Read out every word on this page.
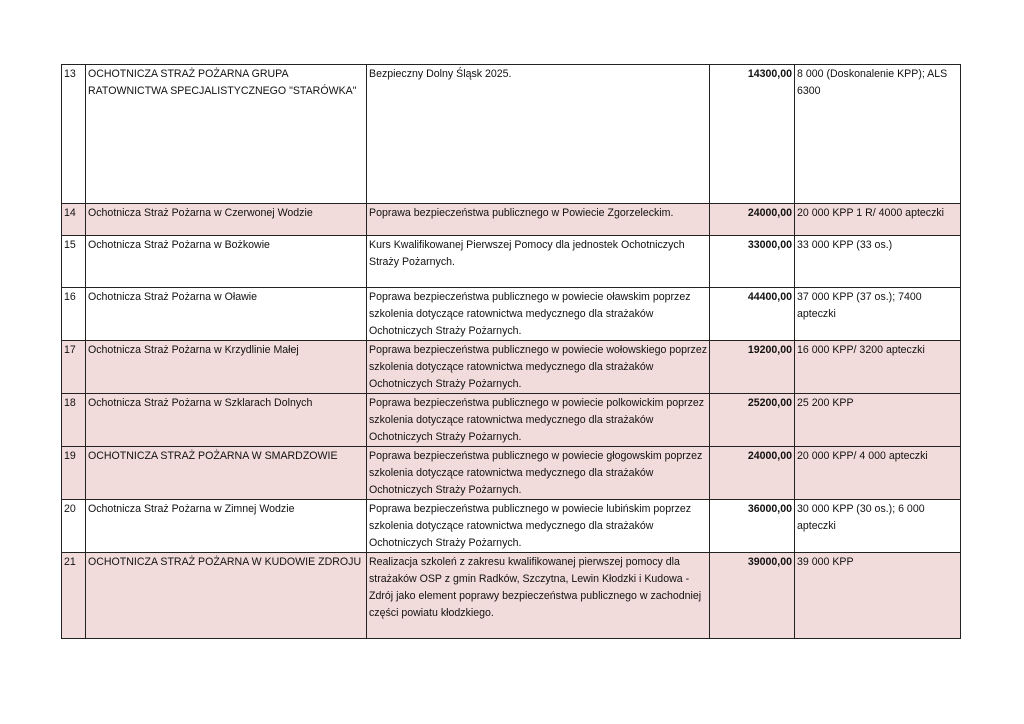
13	OCHOTNICZA STRAŻ POŻARNA GRUPA RATOWNICTWA SPECJALISTYCZNEGO "STARÓWKA"	Bezpieczny Dolny Śląsk 2025.	14300,00	8 000 (Doskonalenie KPP); ALS 6300
14	Ochotnicza Straż Pożarna w Czerwonej Wodzie	Poprawa bezpieczeństwa publicznego w Powiecie Zgorzeleckim.	24000,00	20 000 KPP 1 R/ 4000 apteczki
15	Ochotnicza Straż Pożarna w Bożkowie	Kurs Kwalifikowanej Pierwszej Pomocy dla jednostek Ochotniczych Straży Pożarnych.	33000,00	33 000 KPP (33 os.)
16	Ochotnicza Straż Pożarna w Oławie	Poprawa bezpieczeństwa publicznego w powiecie oławskim poprzez szkolenia dotyczące ratownictwa medycznego dla strażaków Ochotniczych Straży Pożarnych.	44400,00	37 000 KPP (37 os.); 7400 apteczki
17	Ochotnicza Straż Pożarna w Krzydlinie Małej	Poprawa bezpieczeństwa publicznego w powiecie wołowskiego poprzez szkolenia dotyczące ratownictwa medycznego dla strażaków Ochotniczych Straży Pożarnych.	19200,00	16 000 KPP/ 3200 apteczki
18	Ochotnicza Straż Pożarna w Szklarach Dolnych	Poprawa bezpieczeństwa publicznego w powiecie polkowickim poprzez szkolenia dotyczące ratownictwa medycznego dla strażaków Ochotniczych Straży Pożarnych.	25200,00	25 200 KPP
19	OCHOTNICZA STRAŻ POŻARNA W SMARDZOWIE	Poprawa bezpieczeństwa publicznego w powiecie głogowskim poprzez szkolenia dotyczące ratownictwa medycznego dla strażaków Ochotniczych Straży Pożarnych.	24000,00	20 000 KPP/ 4 000 apteczki
20	Ochotnicza Straż Pożarna w Zimnej Wodzie	Poprawa bezpieczeństwa publicznego w powiecie lubińskim poprzez szkolenia dotyczące ratownictwa medycznego dla strażaków Ochotniczych Straży Pożarnych.	36000,00	30 000 KPP (30 os.); 6 000 apteczki
21	OCHOTNICZA STRAŻ POŻARNA W KUDOWIE ZDROJU	Realizacja szkoleń z zakresu kwalifikowanej pierwszej pomocy dla strażaków OSP z gmin Radków, Szczytna, Lewin Kłodzki i Kudowa - Zdrój jako element poprawy bezpieczeństwa publicznego w zachodniej części powiatu kłodzkiego.	39000,00	39 000 KPP
